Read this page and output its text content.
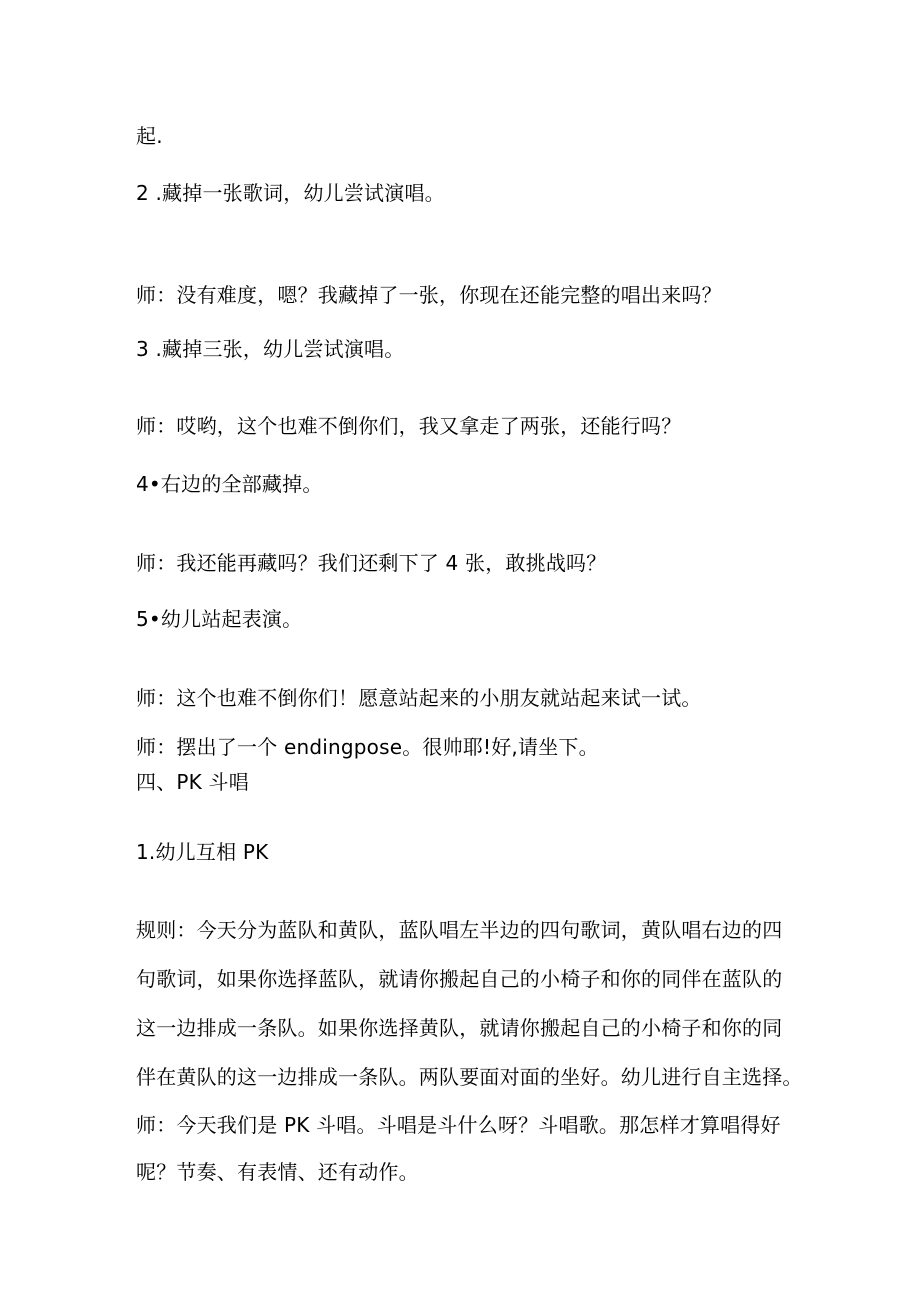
起.

2 .藏掉一张歌词，幼儿尝试演唱。

师：没有难度，嗯？我藏掉了一张，你现在还能完整的唱出来吗？

3 .藏掉三张，幼儿尝试演唱。

师：哎哟，这个也难不倒你们，我又拿走了两张，还能行吗？

4•右边的全部藏掉。

师：我还能再藏吗？我们还剩下了 4 张，敢挑战吗？

5•幼儿站起表演。

师：这个也难不倒你们！愿意站起来的小朋友就站起来试一试。

师：摆出了一个 endingpose。很帅耶!好,请坐下。

四、PK 斗唱

1.幼儿互相 PK

规则：今天分为蓝队和黄队，蓝队唱左半边的四句歌词，黄队唱右边的四

句歌词，如果你选择蓝队，就请你搬起自己的小椅子和你的同伴在蓝队的

这一边排成一条队。如果你选择黄队，就请你搬起自己的小椅子和你的同

伴在黄队的这一边排成一条队。两队要面对面的坐好。幼儿进行自主选择。

师：今天我们是 PK 斗唱。斗唱是斗什么呀？斗唱歌。那怎样才算唱得好

呢？节奏、有表情、还有动作。
